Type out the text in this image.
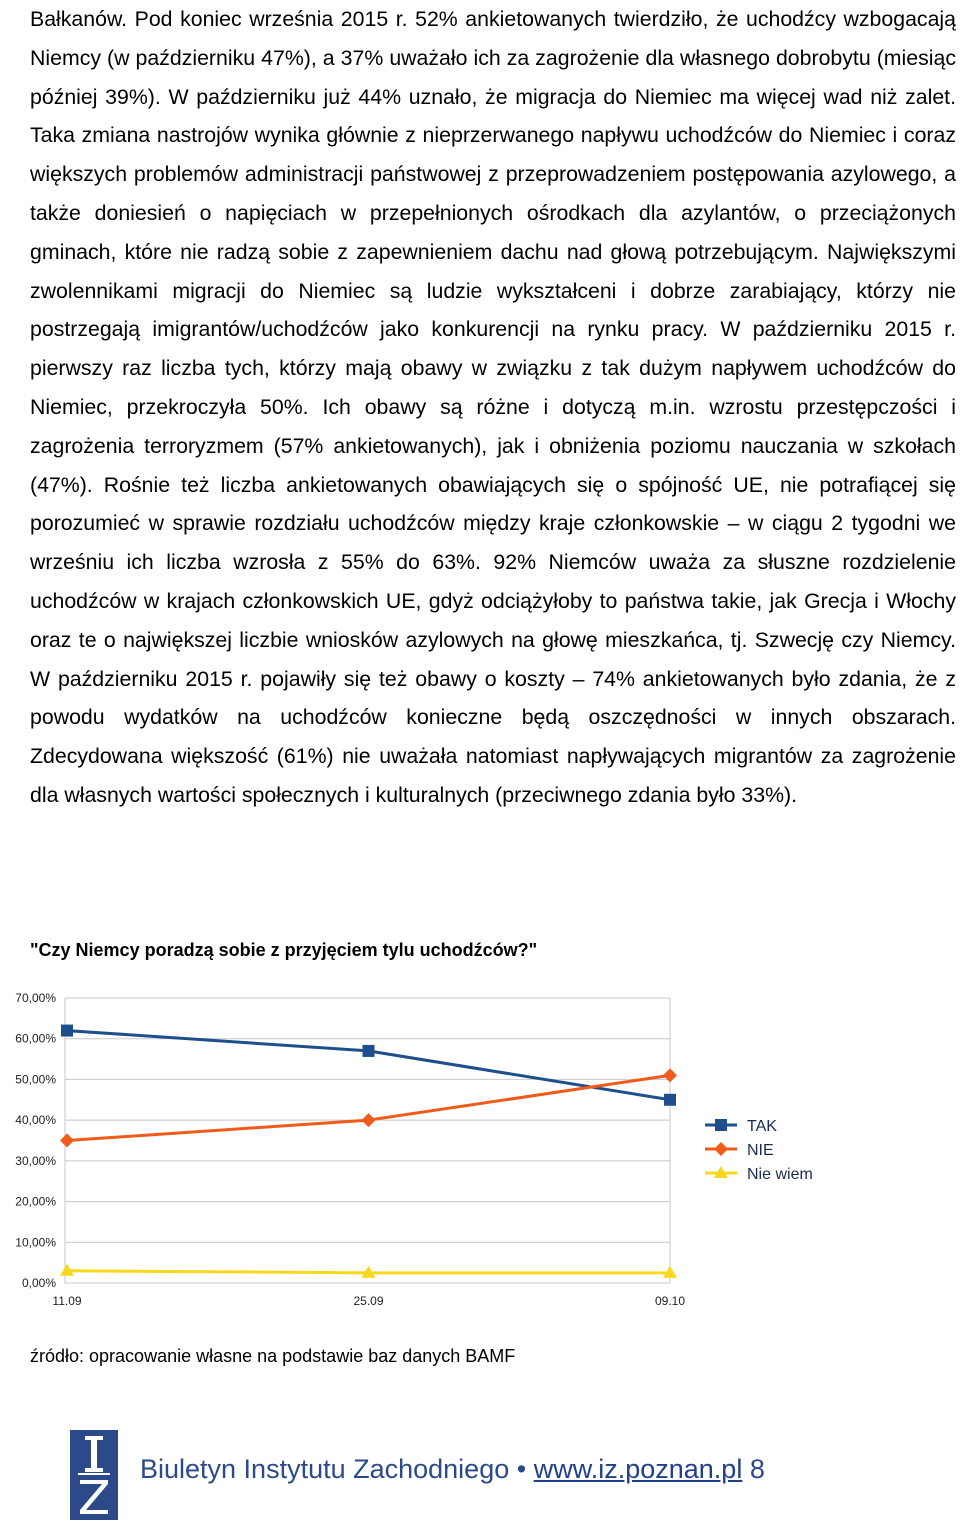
Bałkanów. Pod koniec września 2015 r. 52% ankietowanych twierdziło, że uchodźcy wzbogacają Niemcy (w październiku 47%), a 37% uważało ich za zagrożenie dla własnego dobrobytu (miesiąc później 39%). W październiku już 44% uznało, że migracja do Niemiec ma więcej wad niż zalet. Taka zmiana nastrojów wynika głównie z nieprzerwanego napływu uchodźców do Niemiec i coraz większych problemów administracji państwowej z przeprowadzeniem postępowania azylowego, a także doniesień o napięciach w przepełnionych ośrodkach dla azylantów, o przeciążonych gminach, które nie radzą sobie z zapewnieniem dachu nad głową potrzebującym. Największymi zwolennikami migracji do Niemiec są ludzie wykształceni i dobrze zarabiający, którzy nie postrzegają imigrantów/uchodźców jako konkurencji na rynku pracy. W październiku 2015 r. pierwszy raz liczba tych, którzy mają obawy w związku z tak dużym napływem uchodźców do Niemiec, przekroczyła 50%. Ich obawy są różne i dotyczą m.in. wzrostu przestępczości i zagrożenia terroryzmem (57% ankietowanych), jak i obniżenia poziomu nauczania w szkołach (47%). Rośnie też liczba ankietowanych obawiających się o spójność UE, nie potrafiącej się porozumieć w sprawie rozdziału uchodźców między kraje członkowskie – w ciągu 2 tygodni we wrześniu ich liczba wzrosła z 55% do 63%. 92% Niemców uważa za słuszne rozdzielenie uchodźców w krajach członkowskich UE, gdyż odciążyłoby to państwa takie, jak Grecja i Włochy oraz te o największej liczbie wniosków azylowych na głowę mieszkańca, tj. Szwecję czy Niemcy. W październiku 2015 r. pojawiły się też obawy o koszty – 74% ankietowanych było zdania, że z powodu wydatków na uchodźców konieczne będą oszczędności w innych obszarach. Zdecydowana większość (61%) nie uważała natomiast napływających migrantów za zagrożenie dla własnych wartości społecznych i kulturalnych (przeciwnego zdania było 33%).

"Czy Niemcy poradzą sobie z przyjęciem tylu uchodźców?"

0,00%
10,00%
20,00%
30,00%
40,00%
50,00%
60,00%
70,00%
11.09	25.09	09.10
TAK
NIE
Nie wiem

źródło: opracowanie własne na podstawie baz danych BAMF

Biuletyn Instytutu Zachodniego • www.iz.poznan.pl 8
